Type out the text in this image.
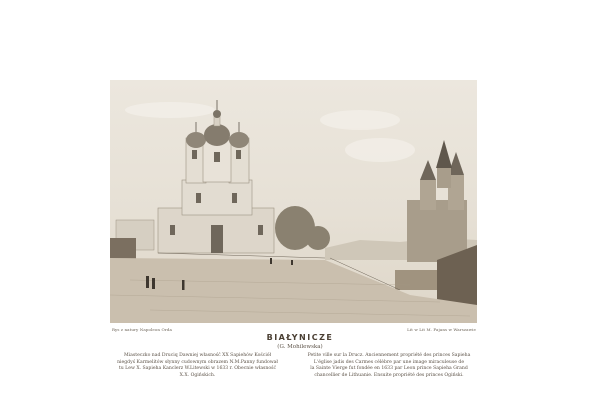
Rys z natury Napoleon Orda	Lit w Lit M. Fajans w Warszawie
BIAŁYNICZE
(G. Mohilewska)
Miasteczko nad Druciq Dawniej własność XX Sapiehów Kościół
niegdyś Karmelitów słynny cudownym obrazem N.M.Panny fundował
tu Lew X. Sapieha Kanclerz W.Litewski w 1633 r. Obecnie własność
X.X. Ogińskich.
Petite ville sur la Drucz. Anciennement propriété des princes Sapieha
L'église jadis des Carmes célèbre par une image miraculeuse de
la Sainte Vierge fut fondée en 1633 par Leon prince Sapieha Grand
chancellier de Lithuanie. Ensuite propriété des princes Ogiński.
